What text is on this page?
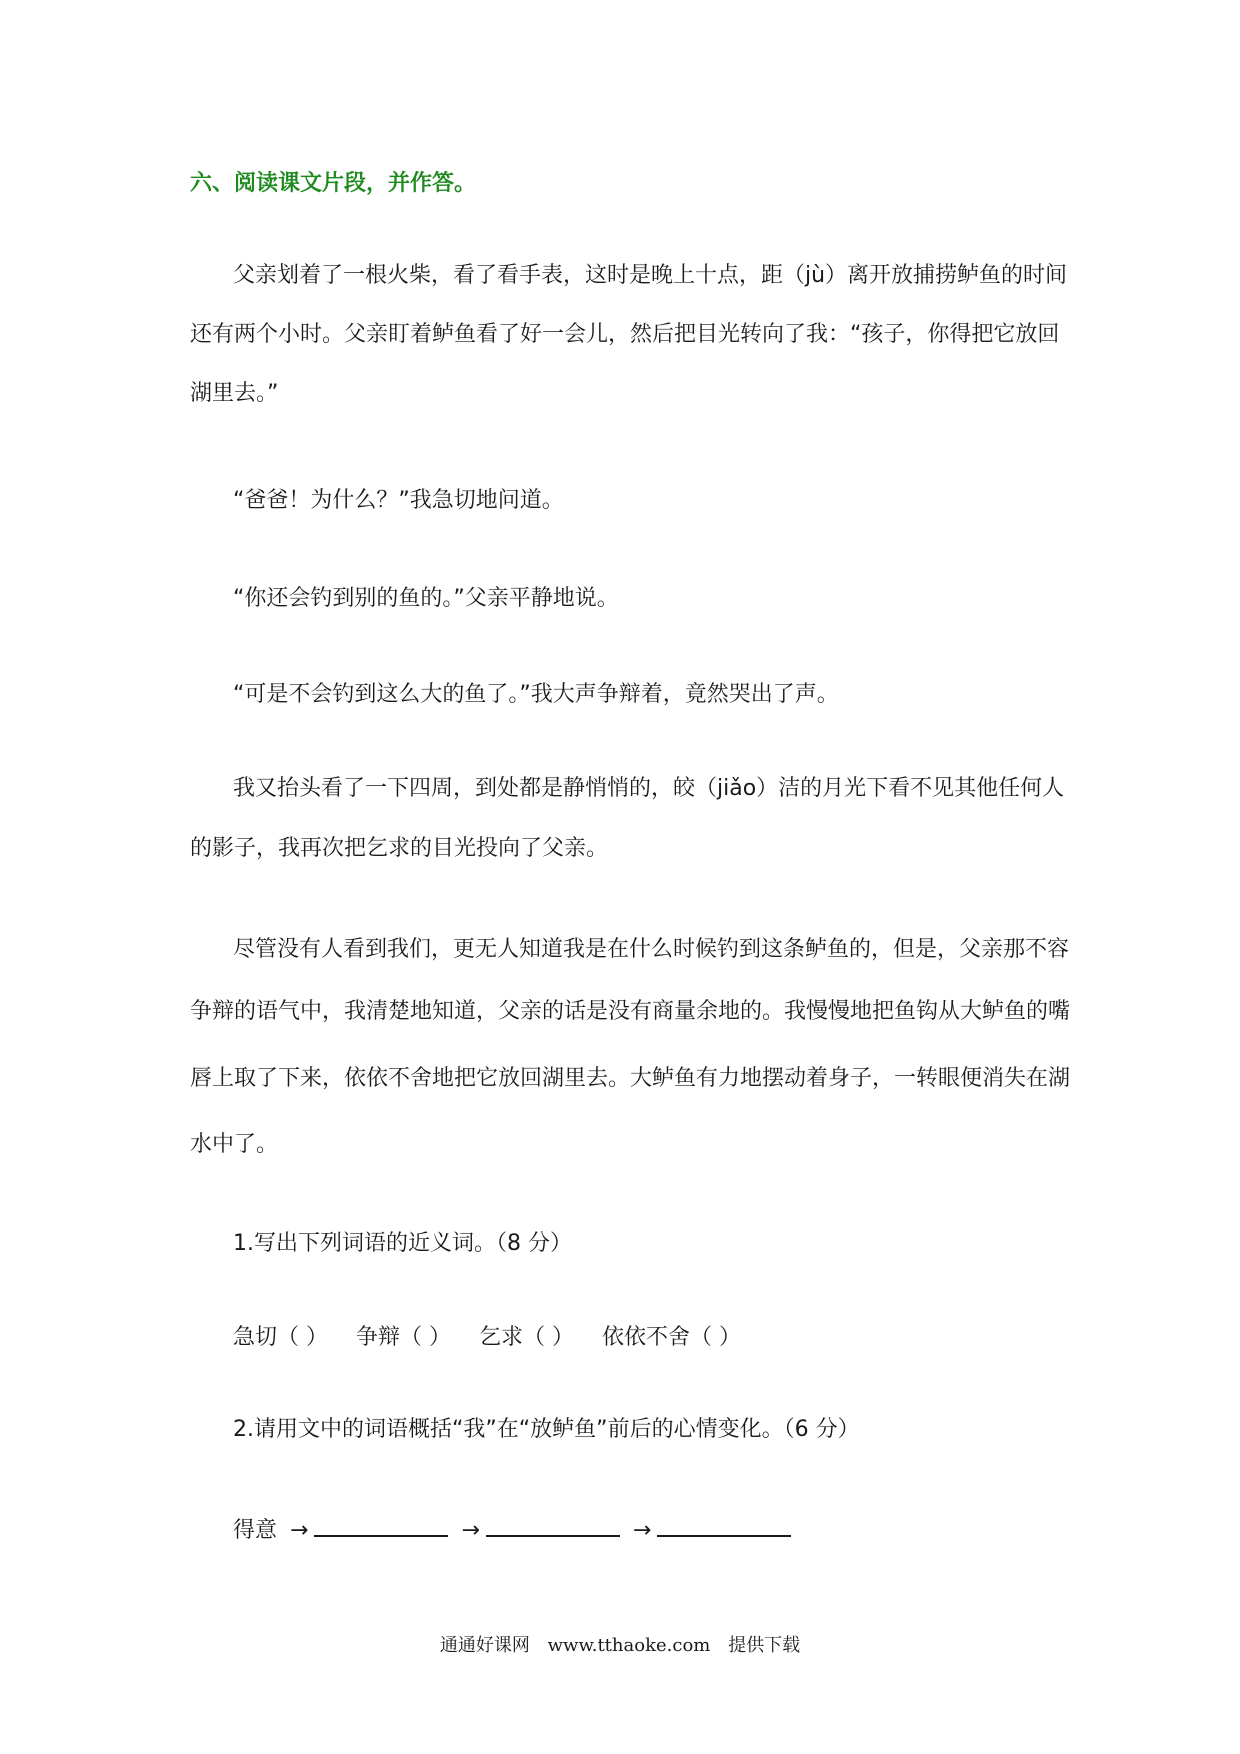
六、阅读课文片段，并作答。
父亲划着了一根火柴，看了看手表，这时是晚上十点，距（jù）离开放捕捞鲈鱼的时间
还有两个小时。父亲盯着鲈鱼看了好一会儿，然后把目光转向了我：“孩子，你得把它放回
湖里去。”
“爸爸！为什么？”我急切地问道。
“你还会钓到别的鱼的。”父亲平静地说。
“可是不会钓到这么大的鱼了。”我大声争辩着，竟然哭出了声。
我又抬头看了一下四周，到处都是静悄悄的，皎（jiǎo）洁的月光下看不见其他任何人
的影子，我再次把乞求的目光投向了父亲。
尽管没有人看到我们，更无人知道我是在什么时候钓到这条鲈鱼的，但是，父亲那不容
争辩的语气中，我清楚地知道，父亲的话是没有商量余地的。我慢慢地把鱼钩从大鲈鱼的嘴
唇上取了下来，依依不舍地把它放回湖里去。大鲈鱼有力地摆动着身子，一转眼便消失在湖
水中了。
1.写出下列词语的近义词。（8 分）
急切（ ） 争辩（ ） 乞求（ ） 依依不舍（ ）
2.请用文中的词语概括“我”在“放鲈鱼”前后的心情变化。（6 分）
得意 →	→	→
通通好课网 www.tthaoke.com 提供下载
